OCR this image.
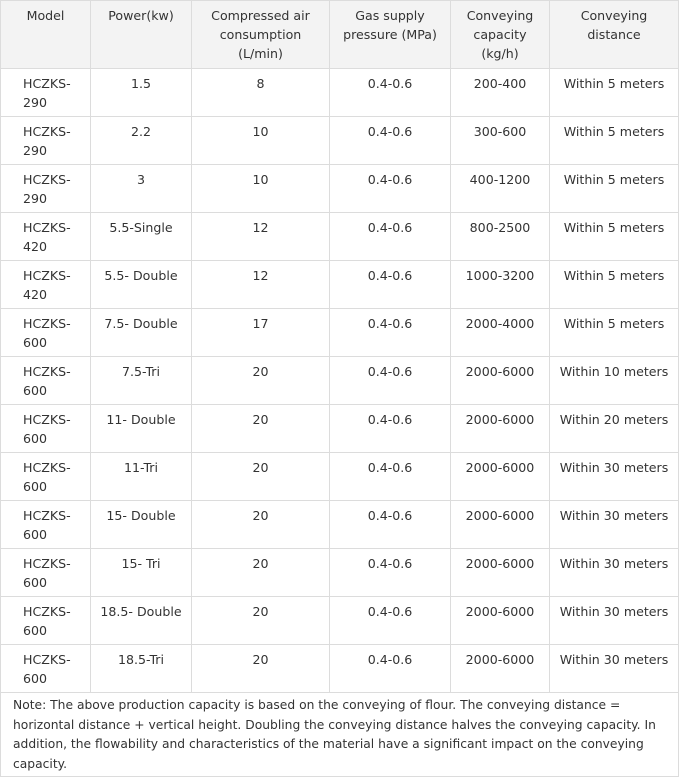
Model	Power(kw)	Compressed air consumption (L/min)	Gas supply pressure (MPa)	Conveying capacity (kg/h)	Conveying distance

HCZKS-
290	1.5	8	0.4-0.6	200-400	Within 5 meters

HCZKS-
290	2.2	10	0.4-0.6	300-600	Within 5 meters

HCZKS-
290	3	10	0.4-0.6	400-1200	Within 5 meters

HCZKS-
420	5.5-Single	12	0.4-0.6	800-2500	Within 5 meters

HCZKS-
420	5.5- Double	12	0.4-0.6	1000-3200	Within 5 meters

HCZKS-
600	7.5- Double	17	0.4-0.6	2000-4000	Within 5 meters

HCZKS-
600	7.5-Tri	20	0.4-0.6	2000-6000	Within 10 meters

HCZKS-
600	11- Double	20	0.4-0.6	2000-6000	Within 20 meters

HCZKS-
600	11-Tri	20	0.4-0.6	2000-6000	Within 30 meters

HCZKS-
600	15- Double	20	0.4-0.6	2000-6000	Within 30 meters

HCZKS-
600	15- Tri	20	0.4-0.6	2000-6000	Within 30 meters

HCZKS-
600	18.5- Double	20	0.4-0.6	2000-6000	Within 30 meters

HCZKS-
600	18.5-Tri	20	0.4-0.6	2000-6000	Within 30 meters
Note: The above production capacity is based on the conveying of flour. The conveying distance = horizontal distance + vertical height. Doubling the conveying distance halves the conveying capacity. In addition, the flowability and characteristics of the material have a significant impact on the conveying capacity.					
